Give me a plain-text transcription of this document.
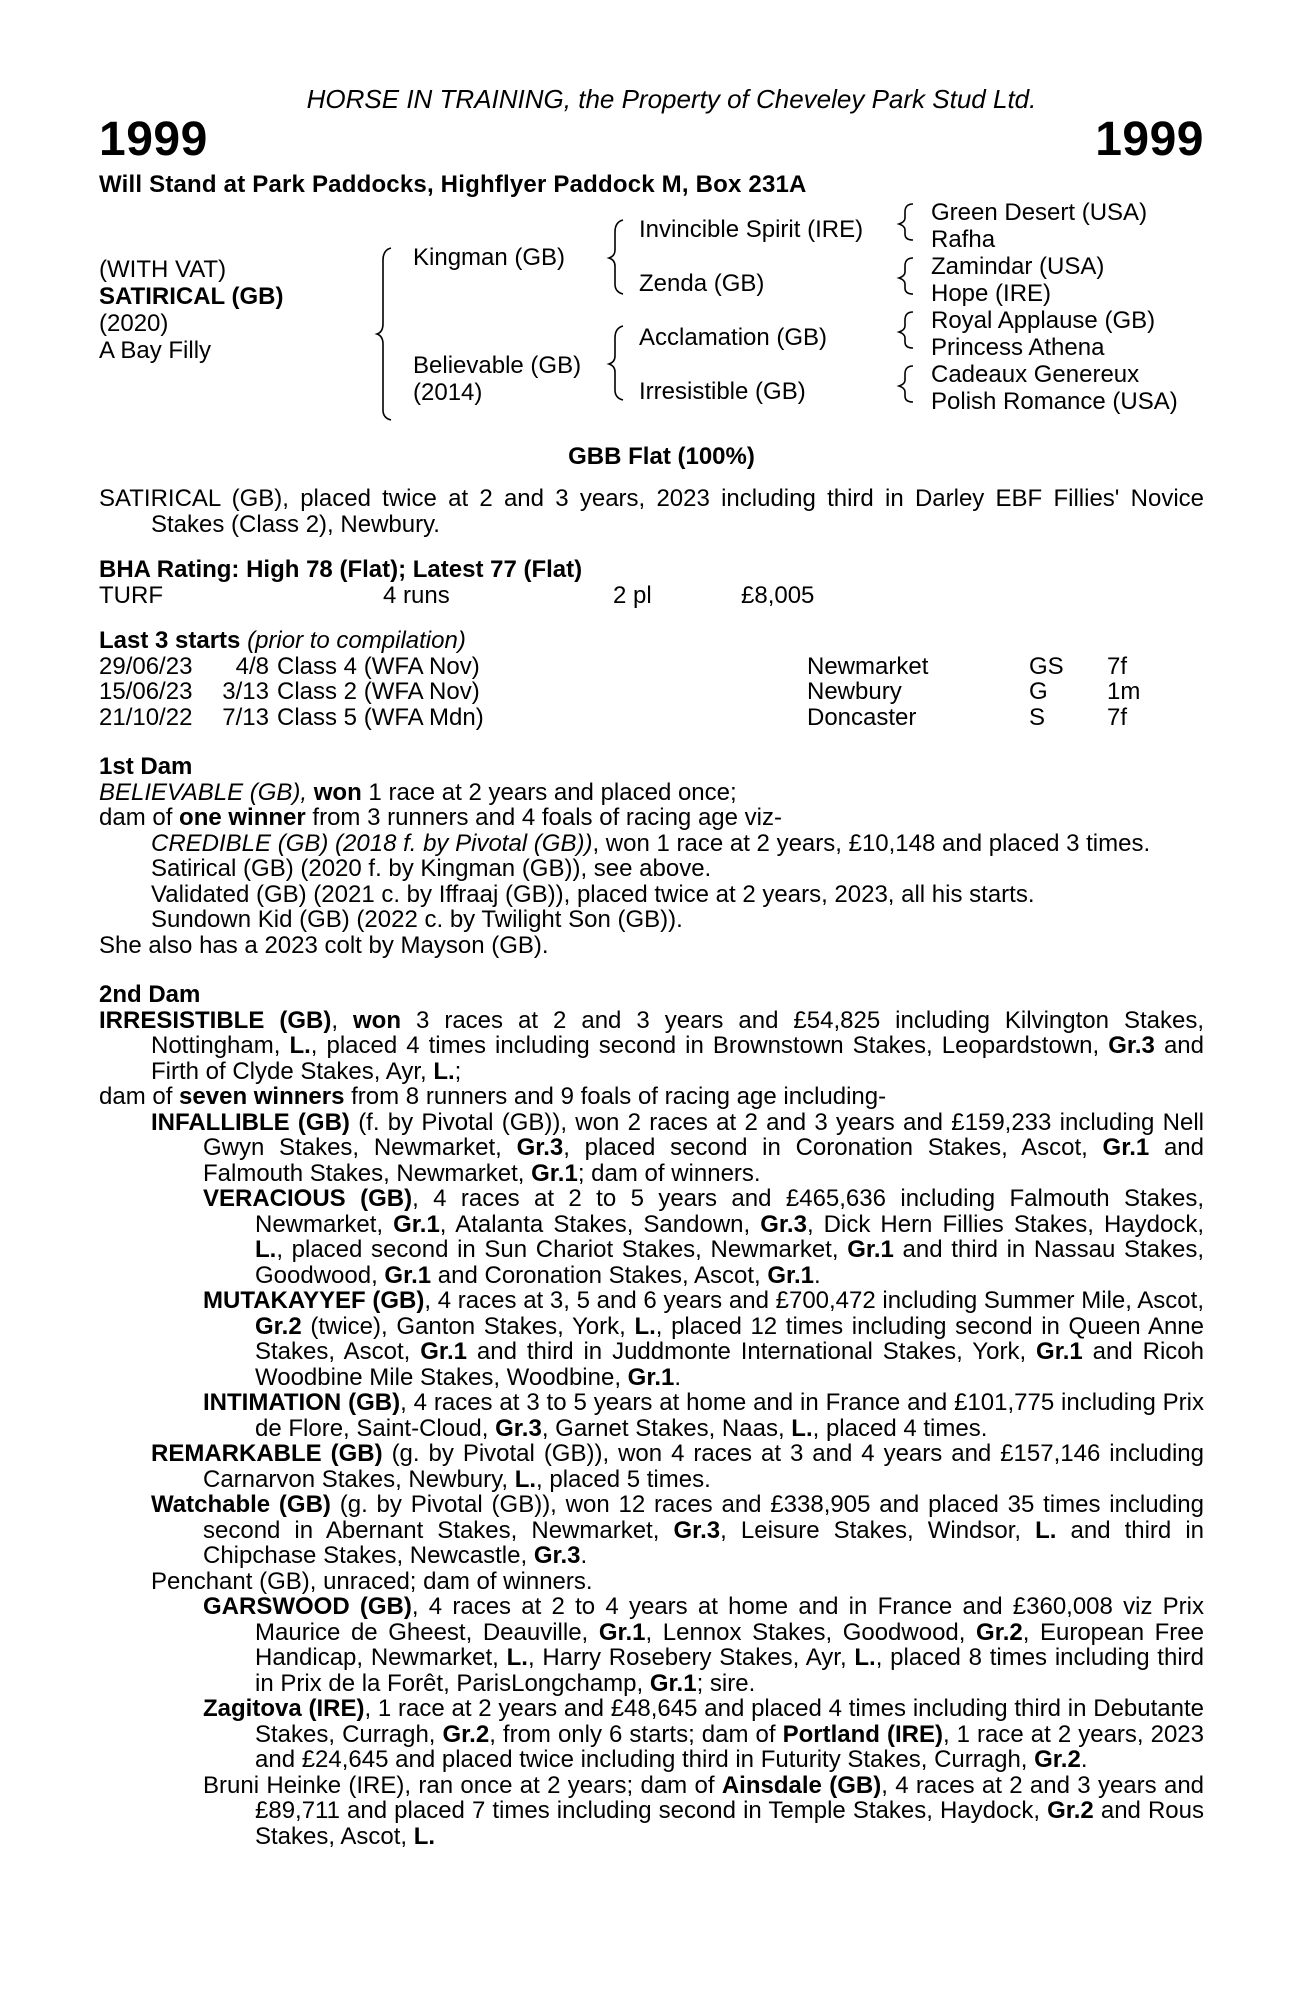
HORSE IN TRAINING, the Property of Cheveley Park Stud Ltd.
1999	1999
Will Stand at Park Paddocks, Highflyer Paddock M, Box 231A
(WITH VAT)
SATIRICAL (GB)
(2020)
A Bay Filly
Kingman (GB)
Believable (GB)
(2014)
Invincible Spirit (IRE)
Zenda (GB)
Acclamation (GB)
Irresistible (GB)
Green Desert (USA)
Rafha
Zamindar (USA)
Hope (IRE)
Royal Applause (GB)
Princess Athena
Cadeaux Genereux
Polish Romance (USA)
GBB Flat (100%)
SATIRICAL (GB), placed twice at 2 and 3 years, 2023 including third in Darley EBF Fillies' Novice Stakes (Class 2), Newbury.
BHA Rating: High 78 (Flat); Latest 77 (Flat)
TURF	4 runs	2 pl	£8,005
Last 3 starts
(prior to compilation)
29/06/23	4/8 Class 4 (WFA Nov)	Newmarket	GS	7f
15/06/23	3/13 Class 2 (WFA Nov)	Newbury	G	1m
21/10/22	7/13 Class 5 (WFA Mdn)	Doncaster	S	7f
1st Dam
BELIEVABLE (GB), won 1 race at 2 years and placed once;
dam of one winner from 3 runners and 4 foals of racing age viz-
CREDIBLE (GB) (2018 f. by Pivotal (GB)), won 1 race at 2 years, £10,148 and placed 3 times.
Satirical (GB) (2020 f. by Kingman (GB)), see above.
Validated (GB) (2021 c. by Iffraaj (GB)), placed twice at 2 years, 2023, all his starts.
Sundown Kid (GB) (2022 c. by Twilight Son (GB)).
She also has a 2023 colt by Mayson (GB).
2nd Dam
IRRESISTIBLE (GB), won 3 races at 2 and 3 years and £54,825 including Kilvington Stakes, Nottingham, L., placed 4 times including second in Brownstown Stakes, Leopardstown, Gr.3 and Firth of Clyde Stakes, Ayr, L.;
dam of seven winners from 8 runners and 9 foals of racing age including-
INFALLIBLE (GB) (f. by Pivotal (GB)), won 2 races at 2 and 3 years and £159,233 including Nell Gwyn Stakes, Newmarket, Gr.3, placed second in Coronation Stakes, Ascot, Gr.1 and Falmouth Stakes, Newmarket, Gr.1; dam of winners.
VERACIOUS (GB), 4 races at 2 to 5 years and £465,636 including Falmouth Stakes, Newmarket, Gr.1, Atalanta Stakes, Sandown, Gr.3, Dick Hern Fillies Stakes, Haydock, L., placed second in Sun Chariot Stakes, Newmarket, Gr.1 and third in Nassau Stakes, Goodwood, Gr.1 and Coronation Stakes, Ascot, Gr.1.
MUTAKAYYEF (GB), 4 races at 3, 5 and 6 years and £700,472 including Summer Mile, Ascot, Gr.2 (twice), Ganton Stakes, York, L., placed 12 times including second in Queen Anne Stakes, Ascot, Gr.1 and third in Juddmonte International Stakes, York, Gr.1 and Ricoh Woodbine Mile Stakes, Woodbine, Gr.1.
INTIMATION (GB), 4 races at 3 to 5 years at home and in France and £101,775 including Prix de Flore, Saint-Cloud, Gr.3, Garnet Stakes, Naas, L., placed 4 times.
REMARKABLE (GB) (g. by Pivotal (GB)), won 4 races at 3 and 4 years and £157,146 including Carnarvon Stakes, Newbury, L., placed 5 times.
Watchable (GB) (g. by Pivotal (GB)), won 12 races and £338,905 and placed 35 times including second in Abernant Stakes, Newmarket, Gr.3, Leisure Stakes, Windsor, L. and third in Chipchase Stakes, Newcastle, Gr.3.
Penchant (GB), unraced; dam of winners.
GARSWOOD (GB), 4 races at 2 to 4 years at home and in France and £360,008 viz Prix Maurice de Gheest, Deauville, Gr.1, Lennox Stakes, Goodwood, Gr.2, European Free Handicap, Newmarket, L., Harry Rosebery Stakes, Ayr, L., placed 8 times including third in Prix de la Forêt, ParisLongchamp, Gr.1; sire.
Zagitova (IRE), 1 race at 2 years and £48,645 and placed 4 times including third in Debutante Stakes, Curragh, Gr.2, from only 6 starts; dam of Portland (IRE), 1 race at 2 years, 2023 and £24,645 and placed twice including third in Futurity Stakes, Curragh, Gr.2.
Bruni Heinke (IRE), ran once at 2 years; dam of Ainsdale (GB), 4 races at 2 and 3 years and £89,711 and placed 7 times including second in Temple Stakes, Haydock, Gr.2 and Rous Stakes, Ascot, L.
